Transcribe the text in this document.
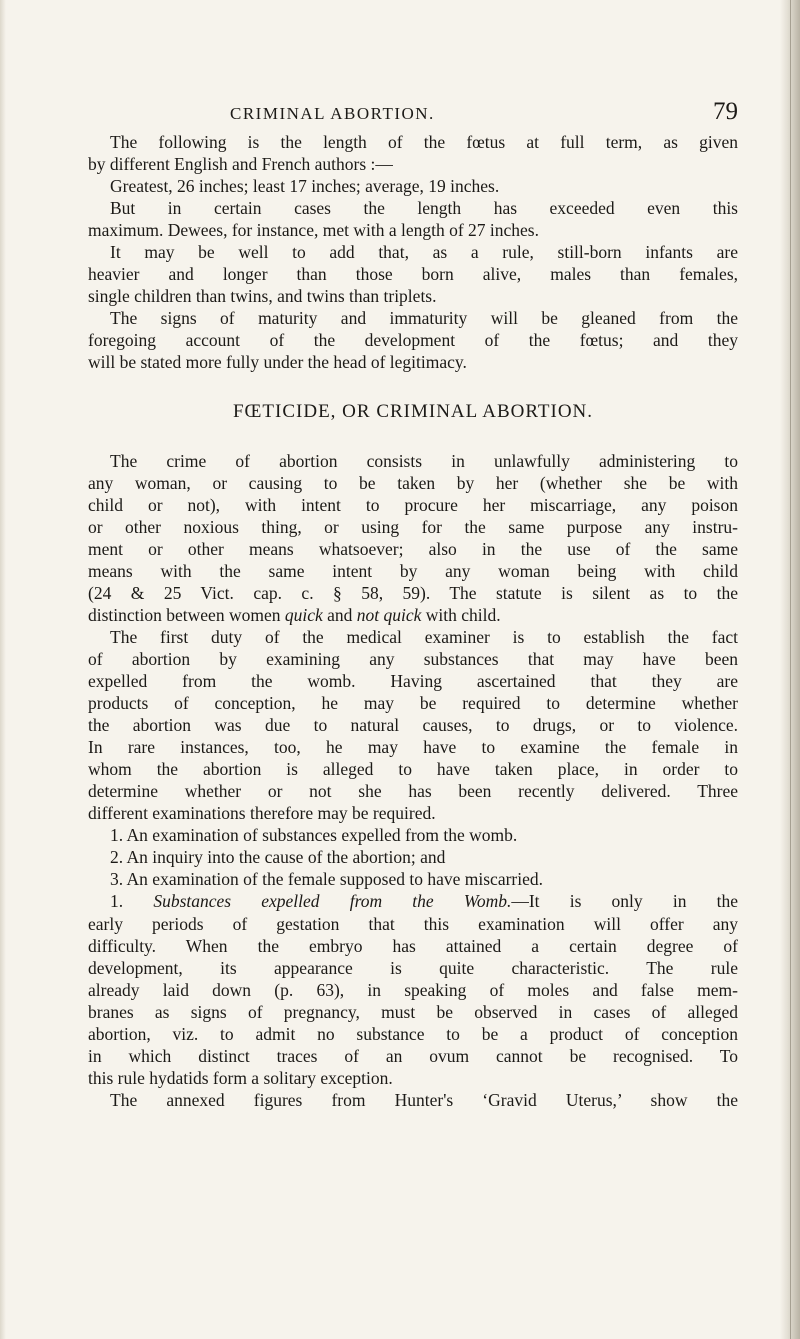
CRIMINAL ABORTION.	79
The following is the length of the fœtus at full term, as given
by different English and French authors :—
Greatest, 26 inches; least 17 inches; average, 19 inches.
But in certain cases the length has exceeded even this
maximum. Dewees, for instance, met with a length of 27 inches.
It may be well to add that, as a rule, still-born infants are
heavier and longer than those born alive, males than females,
single children than twins, and twins than triplets.
The signs of maturity and immaturity will be gleaned from the
foregoing account of the development of the fœtus; and they
will be stated more fully under the head of legitimacy.
FŒTICIDE, OR CRIMINAL ABORTION.
The crime of abortion consists in unlawfully administering to
any woman, or causing to be taken by her (whether she be with
child or not), with intent to procure her miscarriage, any poison
or other noxious thing, or using for the same purpose any instru-
ment or other means whatsoever; also in the use of the same
means with the same intent by any woman being with child
(24 & 25 Vict. cap. c. § 58, 59). The statute is silent as to the
distinction between women quick and not quick with child.
The first duty of the medical examiner is to establish the fact
of abortion by examining any substances that may have been
expelled from the womb. Having ascertained that they are
products of conception, he may be required to determine whether
the abortion was due to natural causes, to drugs, or to violence.
In rare instances, too, he may have to examine the female in
whom the abortion is alleged to have taken place, in order to
determine whether or not she has been recently delivered. Three
different examinations therefore may be required.
1. An examination of substances expelled from the womb.
2. An inquiry into the cause of the abortion; and
3. An examination of the female supposed to have miscarried.
1. Substances expelled from the Womb.—It is only in the
early periods of gestation that this examination will offer any
difficulty. When the embryo has attained a certain degree of
development, its appearance is quite characteristic. The rule
already laid down (p. 63), in speaking of moles and false mem-
branes as signs of pregnancy, must be observed in cases of alleged
abortion, viz. to admit no substance to be a product of conception
in which distinct traces of an ovum cannot be recognised. To
this rule hydatids form a solitary exception.
The annexed figures from Hunter's ‘Gravid Uterus,’ show the
